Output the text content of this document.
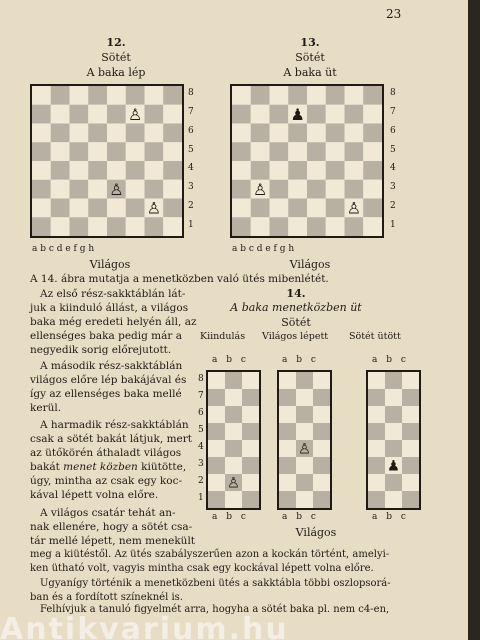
23
12.
Sötét
A baka lép
♙
♙
♙
8
7
6
5
4
3
2
1
a b c d e f g h
Világos
13.
Sötét
A baka üt
♟
♙
♙
8
7
6
5
4
3
2
1
a b c d e f g h
Világos
A 14. ábra mutatja a menetközben való ütés mibenlétét.
14.
A baka menetközben üt
Sötét
Kiindulás Világos lépett Sötét ütött
a b c	a b c	a b c
8
7
6
5
4
3
2
1
♙
♙
♟
a b c	a b c	a b c
Világos
Az első rész-sakktáblán lát-
juk a kiinduló állást, a világos
baka még eredeti helyén áll, az
ellenséges baka pedig már a
negyedik sorig előrejutott.
A második rész-sakktáblán
világos előre lép bakájával és
így az ellenséges baka mellé
kerül.
A harmadik rész-sakktáblán
csak a sötét bakát látjuk, mert
az ütőkörén áthaladt világos
bakát menet közben kiütötte,
úgy, mintha az csak egy koc-
kával lépett volna előre.
A világos csatár tehát an-
nak ellenére, hogy a sötét csa-
tár mellé lépett, nem menekült
meg a kiütéstől. Az ütés szabályszerűen azon a kockán történt, amelyi-
ken ütható volt, vagyis mintha csak egy kockával lépett volna előre.
Ugyanígy történik a menetközbeni ütés a sakktábla többi oszlopsorá-
ban és a fordított színeknél is.
Felhívjuk a tanuló figyelmét arra, hogyha a sötét baka pl. nem c4-en,
Antikvarium.hu
